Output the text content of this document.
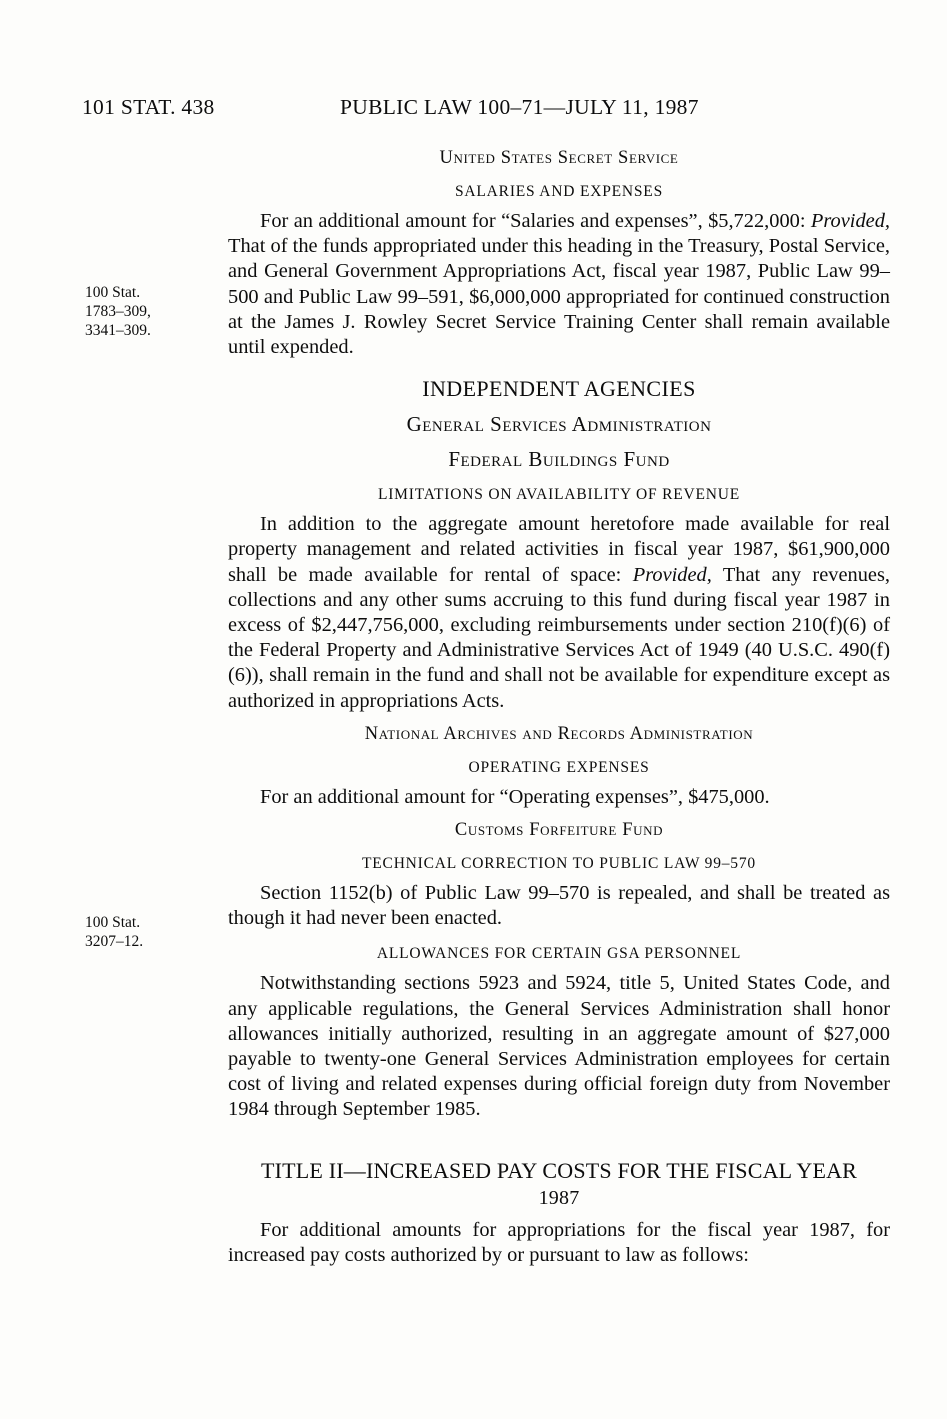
101 STAT. 438	PUBLIC LAW 100–71—JULY 11, 1987
100 Stat.
1783–309,
3341–309.
100 Stat.
3207–12.
United States Secret Service
SALARIES AND EXPENSES

For an additional amount for “Salaries and expenses”, $5,722,000: Provided, That of the funds appropriated under this heading in the Treasury, Postal Service, and General Government Appropriations Act, fiscal year 1987, Public Law 99–500 and Public Law 99–591, $6,000,000 appropriated for continued construction at the James J. Rowley Secret Service Training Center shall remain available until expended.

INDEPENDENT AGENCIES
General Services Administration
Federal Buildings Fund
LIMITATIONS ON AVAILABILITY OF REVENUE

In addition to the aggregate amount heretofore made available for real property management and related activities in fiscal year 1987, $61,900,000 shall be made available for rental of space: Provided, That any revenues, collections and any other sums accruing to this fund during fiscal year 1987 in excess of $2,447,756,000, excluding reimbursements under section 210(f)(6) of the Federal Property and Administrative Services Act of 1949 (40 U.S.C. 490(f)(6)), shall remain in the fund and shall not be available for expenditure except as authorized in appropriations Acts.

National Archives and Records Administration
OPERATING EXPENSES

For an additional amount for “Operating expenses”, $475,000.

Customs Forfeiture Fund
TECHNICAL CORRECTION TO PUBLIC LAW 99–570

Section 1152(b) of Public Law 99–570 is repealed, and shall be treated as though it had never been enacted.

ALLOWANCES FOR CERTAIN GSA PERSONNEL

Notwithstanding sections 5923 and 5924, title 5, United States Code, and any applicable regulations, the General Services Administration shall honor allowances initially authorized, resulting in an aggregate amount of $27,000 payable to twenty-one General Services Administration employees for certain cost of living and related expenses during official foreign duty from November 1984 through September 1985.

TITLE II—INCREASED PAY COSTS FOR THE FISCAL YEAR
1987

For additional amounts for appropriations for the fiscal year 1987, for increased pay costs authorized by or pursuant to law as follows:
